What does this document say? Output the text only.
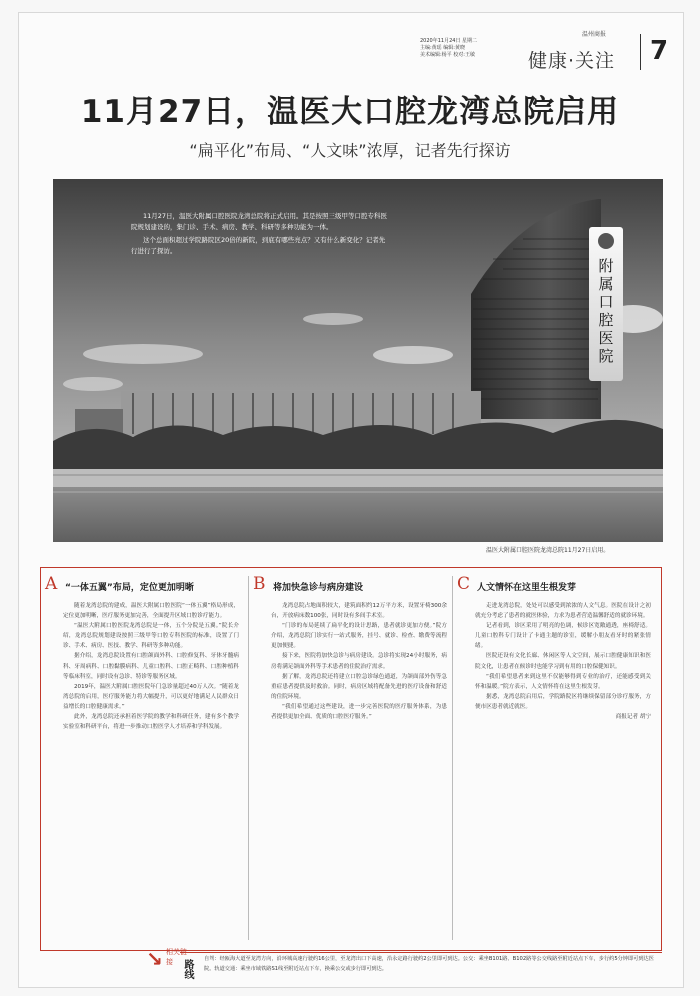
2020年11月24日 星期二
主编:黄瑶 编辑:黄晓
美术编辑:杨平 校对:王敏
温州商报
健康·关注 7
11月27日，温医大口腔龙湾总院启用
“扁平化”布局、“人文味”浓厚，记者先行探访

11月27日，温医大附属口腔医院龙湾总院将正式启用。其是按照三级甲等口腔专科医院规划建设的，集门诊、手术、病房、教学、科研等多种功能为一体。

这个总面积超过学院路院区20倍的新院，到底有哪些亮点？又有什么新变化？记者先行进行了探访。

附属口腔医院
温医大附属口腔医院龙湾总院11月27日启用。
A “一体五翼”布局，定位更加明晰

随着龙湾总院的建成，温医大附属口腔医院“一体五翼”格局形成，定位更加明晰，医疗服务更加完善，全面提升区域口腔诊疗能力。

“温医大附属口腔医院龙湾总院是一体，五个分院是五翼。”院长介绍，龙湾总院规划建设按照三级甲等口腔专科医院的标准，设置了门诊、手术、病房、医技、教学、科研等多种功能。

据介绍，龙湾总院设置有口腔颌面外科、口腔修复科、牙体牙髓病科、牙周病科、口腔黏膜病科、儿童口腔科、口腔正畸科、口腔种植科等临床科室，同时设有急诊、特诊等服务区域。

2019年，温医大附属口腔医院年门急诊量超过40万人次。“随着龙湾总院的启用，医疗服务能力将大幅提升，可以更好地满足人民群众日益增长的口腔健康需求。”

此外，龙湾总院还承担着医学院的教学和科研任务，建有多个教学实验室和科研平台，将进一步推动口腔医学人才培养和学科发展。

B 将加快急诊与病房建设

龙湾总院占地面积较大，建筑面积约12万平方米，设置牙椅300余台，开放病床数100张，同时设有多间手术室。

“门诊的布局延续了扁平化的设计思路，患者就诊更加方便。”院方介绍，龙湾总院门诊实行一站式服务，挂号、就诊、检查、缴费等流程更加便捷。

接下来，医院将加快急诊与病房建设。急诊将实现24小时服务，病房将满足颌面外科等手术患者的住院治疗需求。

据了解，龙湾总院还将建立口腔急诊绿色通道，为颌面部外伤等急重症患者提供及时救治。同时，病房区域将配备先进的医疗设备和舒适的住院环境。

“我们希望通过这些建设，进一步完善医院的医疗服务体系，为患者提供更加全面、优质的口腔医疗服务。”

C 人文情怀在这里生根发芽

走进龙湾总院，处处可以感受到浓浓的人文气息。医院在设计之初就充分考虑了患者的就医体验，力求为患者营造温馨舒适的就诊环境。

记者看到，诊区采用了明亮的色调，候诊区宽敞通透，座椅舒适。儿童口腔科专门设计了卡通主题的诊室，缓解小朋友看牙时的紧张情绪。

医院还设有文化长廊、休闲区等人文空间，展示口腔健康知识和医院文化，让患者在候诊时也能学习到有用的口腔保健知识。

“我们希望患者来到这里不仅能够得到专业的治疗，还能感受到关怀和温暖。”院方表示，人文情怀将在这里生根发芽。

据悉，龙湾总院启用后，学院路院区将继续保留部分诊疗服务，方便市区患者就近就医。

商报记者 胡宁

↘ 相关链接 路线	自驾：经瓯海大道至龙湾方向，沿环城高速行驶约16公里，至龙湾出口下高速，沿永定路行驶约2公里即可到达。公交：乘坐B101路、B102路等公交线路至附近站点下车，步行约5分钟即可到达医院。轨道交通：乘坐市域铁路S1线至附近站点下车，换乘公交或步行即可到达。
